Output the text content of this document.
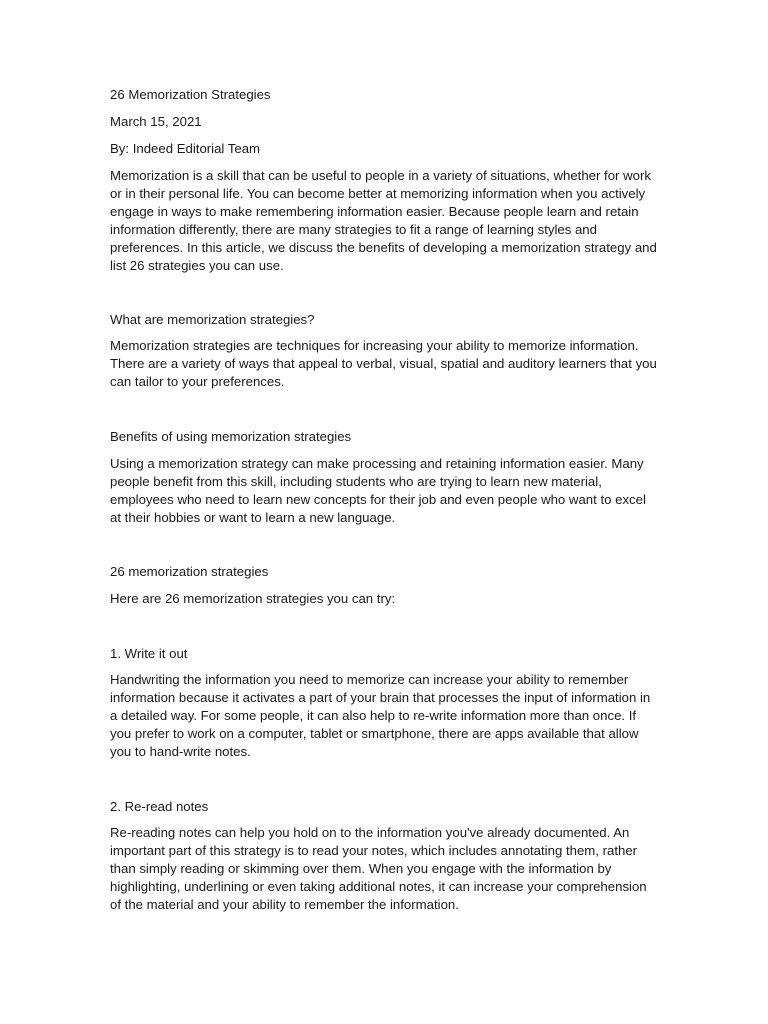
26 Memorization Strategies

March 15, 2021

By: Indeed Editorial Team

Memorization is a skill that can be useful to people in a variety of situations, whether for work or in their personal life. You can become better at memorizing information when you actively engage in ways to make remembering information easier. Because people learn and retain information differently, there are many strategies to fit a range of learning styles and preferences. In this article, we discuss the benefits of developing a memorization strategy and list 26 strategies you can use.

What are memorization strategies?

Memorization strategies are techniques for increasing your ability to memorize information. There are a variety of ways that appeal to verbal, visual, spatial and auditory learners that you can tailor to your preferences.

Benefits of using memorization strategies

Using a memorization strategy can make processing and retaining information easier. Many people benefit from this skill, including students who are trying to learn new material, employees who need to learn new concepts for their job and even people who want to excel at their hobbies or want to learn a new language.

26 memorization strategies

Here are 26 memorization strategies you can try:

1. Write it out

Handwriting the information you need to memorize can increase your ability to remember information because it activates a part of your brain that processes the input of information in a detailed way. For some people, it can also help to re-write information more than once. If you prefer to work on a computer, tablet or smartphone, there are apps available that allow you to hand-write notes.

2. Re-read notes

Re-reading notes can help you hold on to the information you've already documented. An important part of this strategy is to read your notes, which includes annotating them, rather than simply reading or skimming over them. When you engage with the information by highlighting, underlining or even taking additional notes, it can increase your comprehension of the material and your ability to remember the information.
